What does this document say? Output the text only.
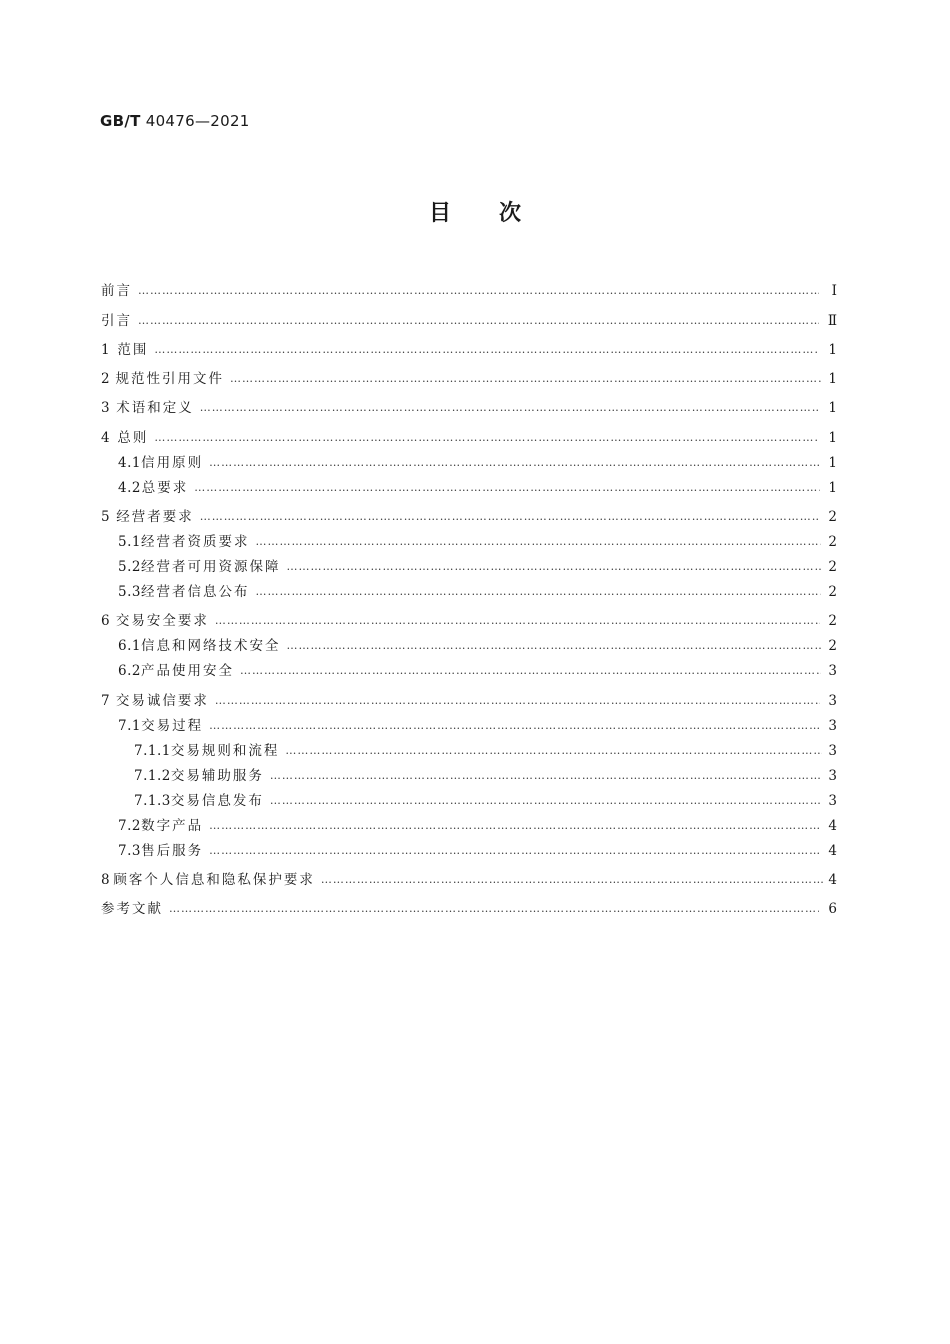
GB/T 40476—2021
目次
前言 …………………………………………………………………………………………………………………………………………………………………………………………………………………………………………	Ⅰ
引言 …………………………………………………………………………………………………………………………………………………………………………………………………………………………………………	Ⅱ
1 范围 …………………………………………………………………………………………………………………………………………………………………………………………………………………………………………	1
2 规范性引用文件 …………………………………………………………………………………………………………………………………………………………………………………………………………………………………………	1
3 术语和定义 …………………………………………………………………………………………………………………………………………………………………………………………………………………………………………	1
4 总则 …………………………………………………………………………………………………………………………………………………………………………………………………………………………………………	1
4.1 信用原则 …………………………………………………………………………………………………………………………………………………………………………………………………………………………………………	1
4.2 总要求 …………………………………………………………………………………………………………………………………………………………………………………………………………………………………………	1
5 经营者要求 …………………………………………………………………………………………………………………………………………………………………………………………………………………………………………	2
5.1 经营者资质要求 …………………………………………………………………………………………………………………………………………………………………………………………………………………………………………	2
5.2 经营者可用资源保障 …………………………………………………………………………………………………………………………………………………………………………………………………………………………………………	2
5.3 经营者信息公布 …………………………………………………………………………………………………………………………………………………………………………………………………………………………………………	2
6 交易安全要求 …………………………………………………………………………………………………………………………………………………………………………………………………………………………………………	2
6.1 信息和网络技术安全 …………………………………………………………………………………………………………………………………………………………………………………………………………………………………………	2
6.2 产品使用安全 …………………………………………………………………………………………………………………………………………………………………………………………………………………………………………	3
7 交易诚信要求 …………………………………………………………………………………………………………………………………………………………………………………………………………………………………………	3
7.1 交易过程 …………………………………………………………………………………………………………………………………………………………………………………………………………………………………………	3
7.1.1 交易规则和流程 …………………………………………………………………………………………………………………………………………………………………………………………………………………………………………	3
7.1.2 交易辅助服务 …………………………………………………………………………………………………………………………………………………………………………………………………………………………………………	3
7.1.3 交易信息发布 …………………………………………………………………………………………………………………………………………………………………………………………………………………………………………	3
7.2 数字产品 …………………………………………………………………………………………………………………………………………………………………………………………………………………………………………	4
7.3 售后服务 …………………………………………………………………………………………………………………………………………………………………………………………………………………………………………	4
8 顾客个人信息和隐私保护要求 …………………………………………………………………………………………………………………………………………………………………………………………………………………………………………	4
参考文献 …………………………………………………………………………………………………………………………………………………………………………………………………………………………………………	6
